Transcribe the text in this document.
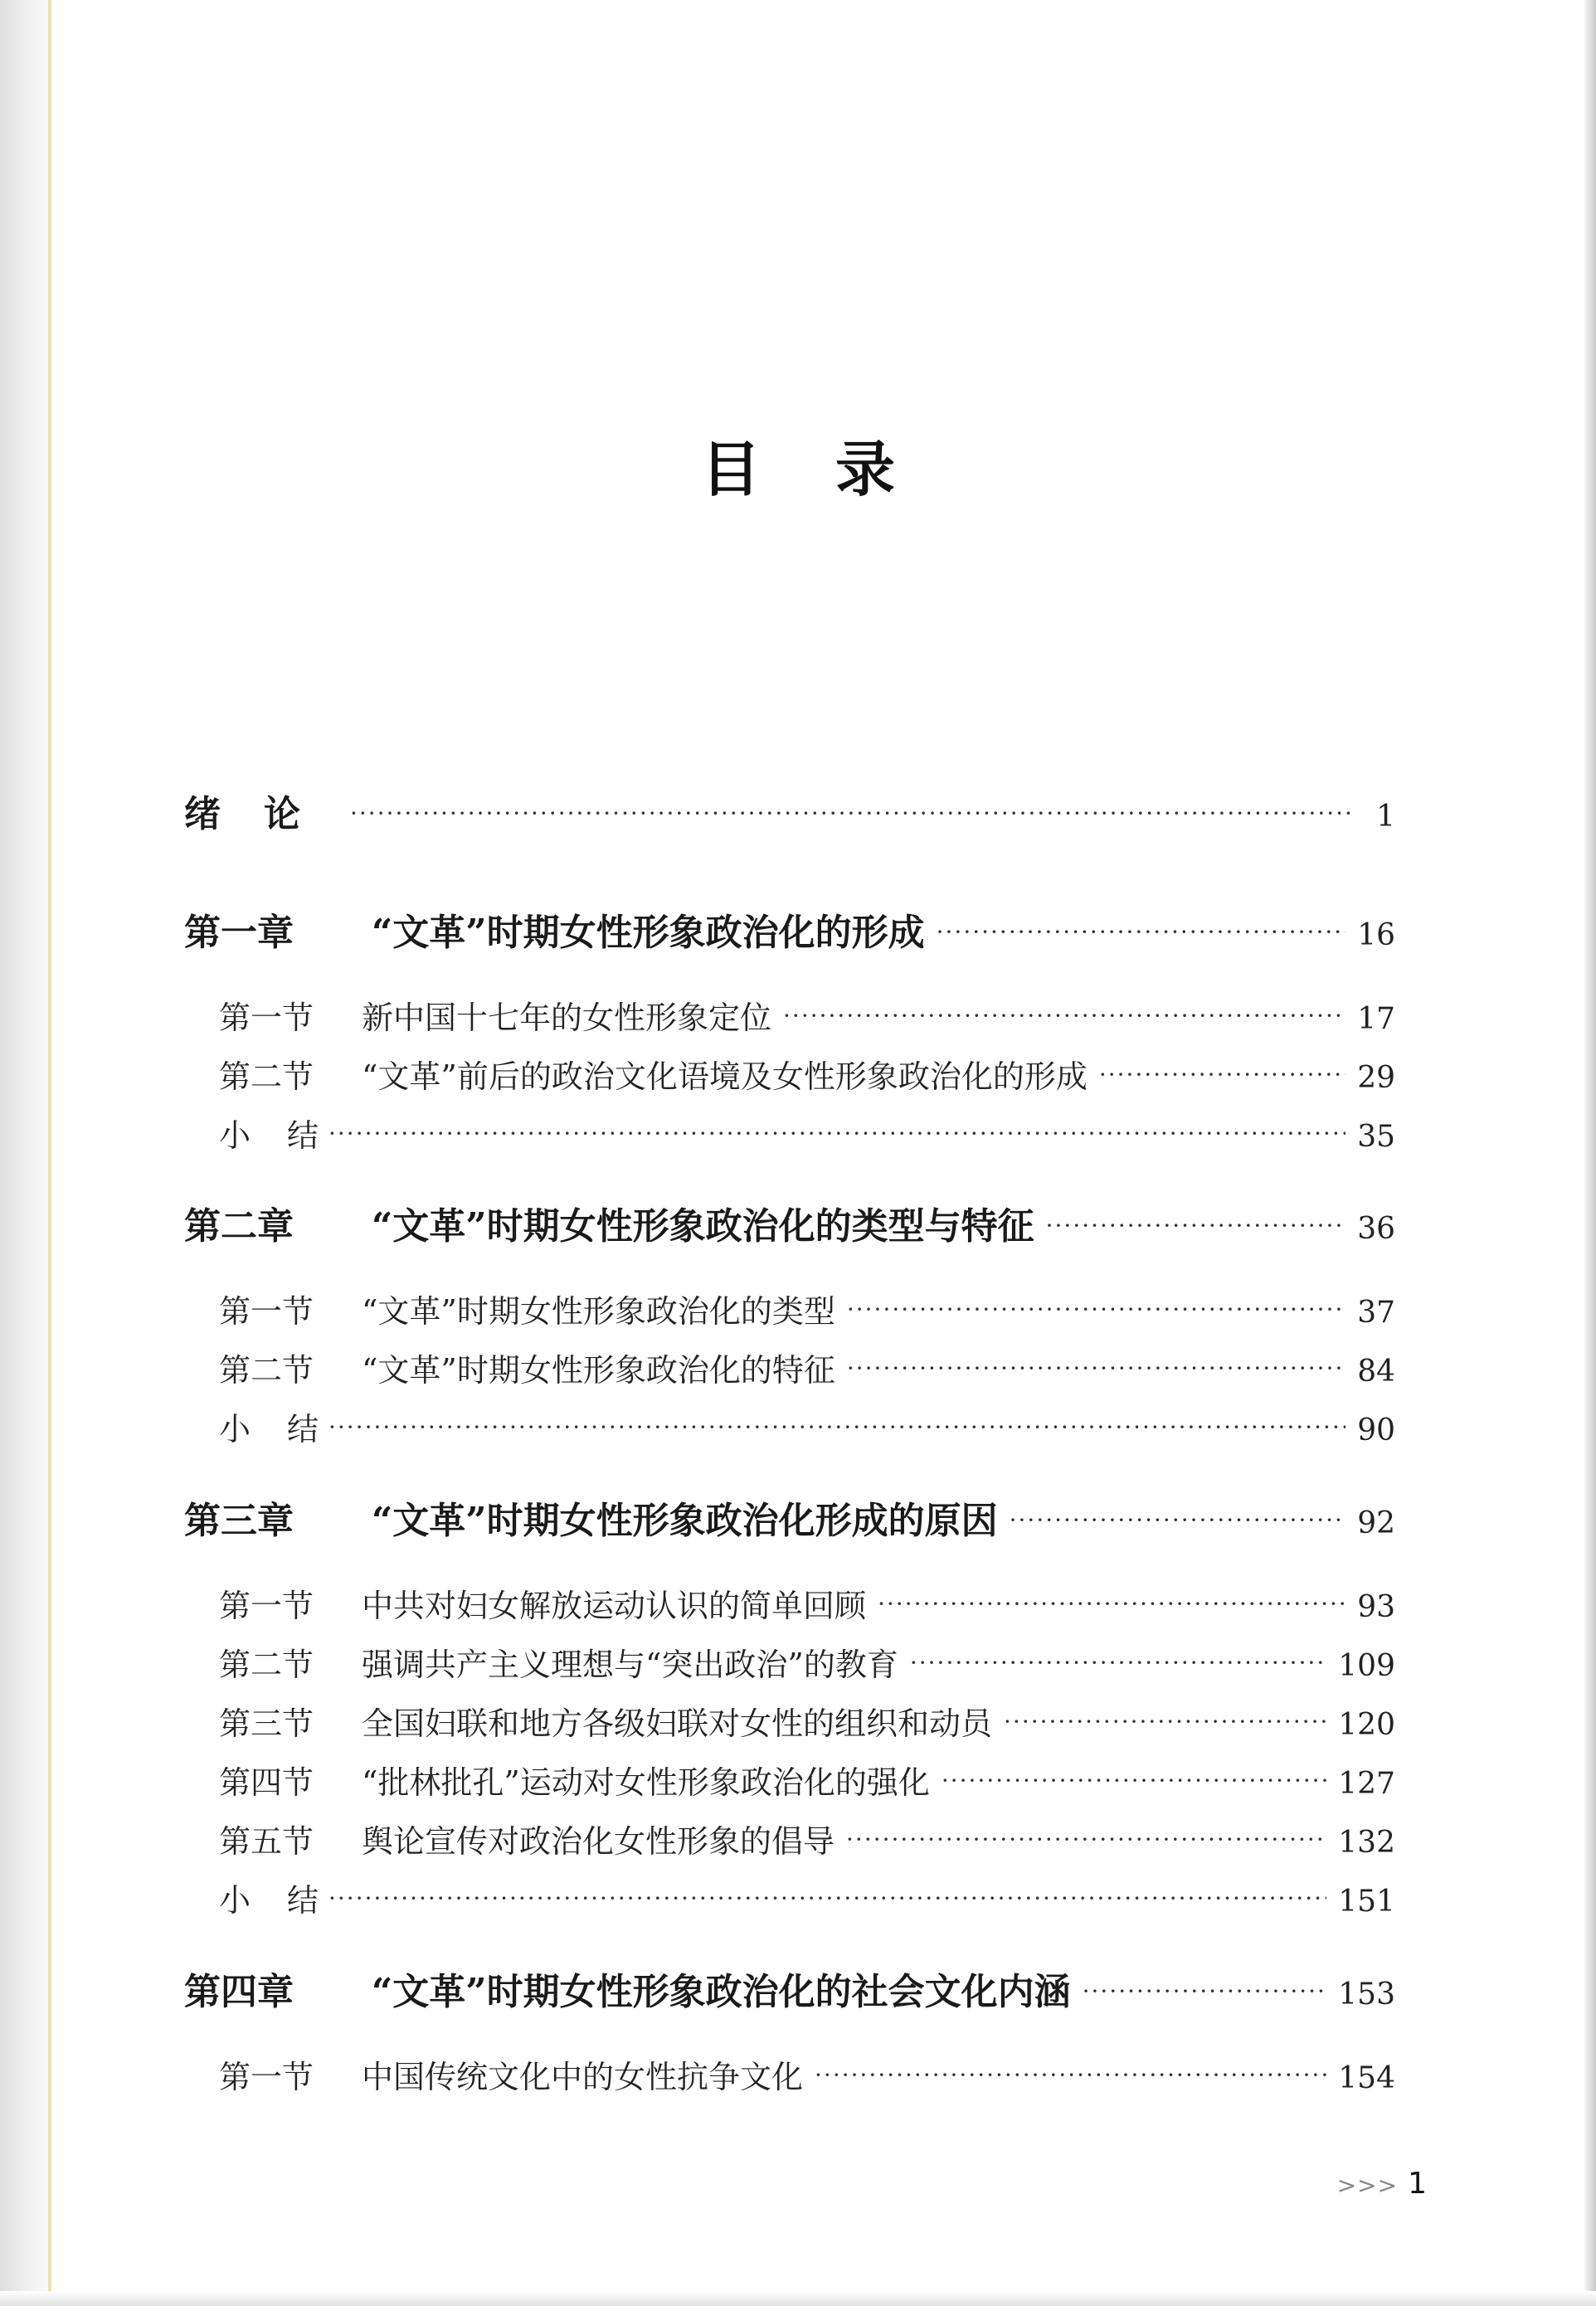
目录
绪论 ·····	1
第一章	“文革”时期女性形象政治化的形成 ·····	16
第一节	新中国十七年的女性形象定位 ·····	17
第二节	“文革”前后的政治文化语境及女性形象政治化的形成 ·····	29
小结 ·····	35
第二章	“文革”时期女性形象政治化的类型与特征 ·····	36
第一节	“文革”时期女性形象政治化的类型 ·····	37
第二节	“文革”时期女性形象政治化的特征 ·····	84
小结 ·····	90
第三章	“文革”时期女性形象政治化形成的原因 ·····	92
第一节	中共对妇女解放运动认识的简单回顾 ·····	93
第二节	强调共产主义理想与“突出政治”的教育 ·····	109
第三节	全国妇联和地方各级妇联对女性的组织和动员 ·····	120
第四节	“批林批孔”运动对女性形象政治化的强化 ·····	127
第五节	舆论宣传对政治化女性形象的倡导 ·····	132
小结 ·····	151
第四章	“文革”时期女性形象政治化的社会文化内涵 ·····	153
第一节	中国传统文化中的女性抗争文化 ·····	154
>>> 1
